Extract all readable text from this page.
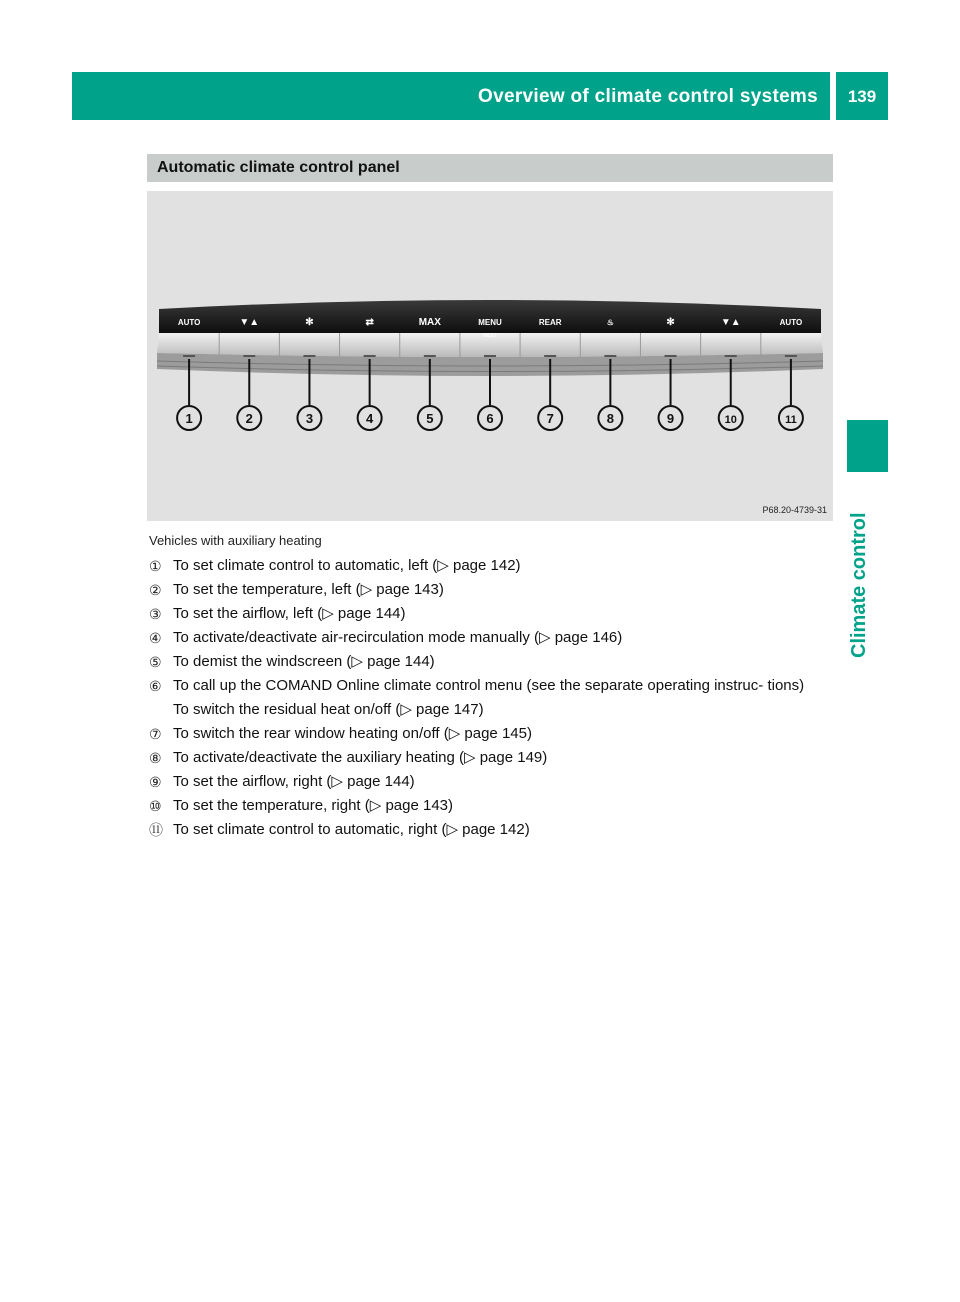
Overview of climate control systems	139
Climate control
Automatic climate control panel
AUTO	▼▲	✻	⇄	MAX	MENU
REST
REAR	♨	✻	▼▲	AUTO
1	2	3	4	5	6	7	8	9	10	11
P68.20-4739-31
Vehicles with auxiliary heating
① To set climate control to automatic, left (▷ page 142)
② To set the temperature, left (▷ page 143)
③ To set the airflow, left (▷ page 144)
④ To activate/deactivate air-recirculation mode manually (▷ page 146)
⑤ To demist the windscreen (▷ page 144)
⑥ To call up the COMAND Online climate control menu (see the separate operating instruc- tions)
To switch the residual heat on/off (▷ page 147)
⑦ To switch the rear window heating on/off (▷ page 145)
⑧ To activate/deactivate the auxiliary heating (▷ page 149)
⑨ To set the airflow, right (▷ page 144)
⑩ To set the temperature, right (▷ page 143)
⑪ To set climate control to automatic, right (▷ page 142)
